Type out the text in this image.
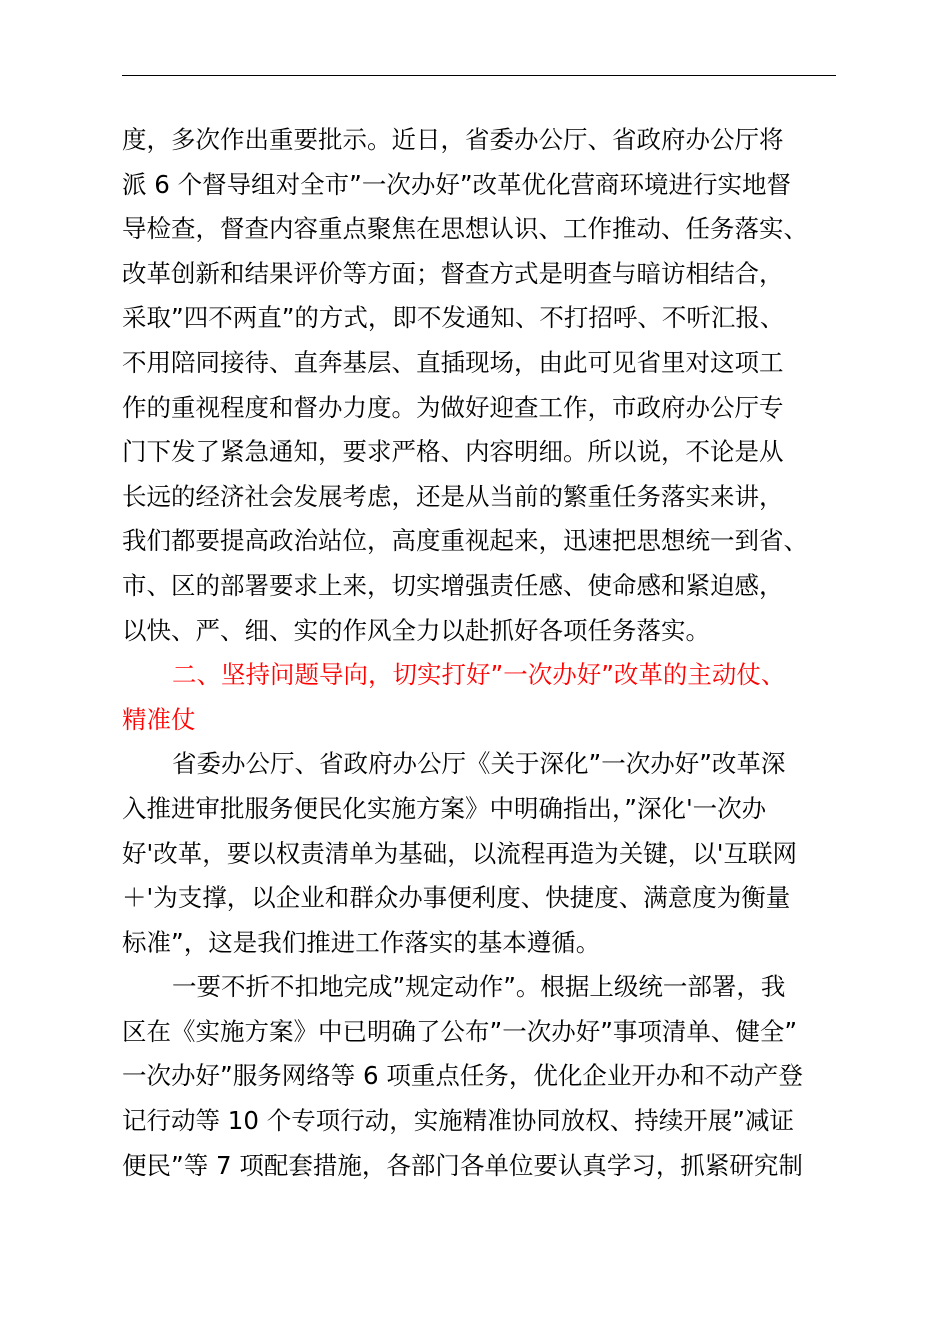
度，多次作出重要批示。近日，省委办公厅、省政府办公厅将
派 6 个督导组对全市”一次办好”改革优化营商环境进行实地督
导检查，督查内容重点聚焦在思想认识、工作推动、任务落实、
改革创新和结果评价等方面；督查方式是明查与暗访相结合，
采取”四不两直”的方式，即不发通知、不打招呼、不听汇报、
不用陪同接待、直奔基层、直插现场，由此可见省里对这项工
作的重视程度和督办力度。为做好迎查工作，市政府办公厅专
门下发了紧急通知，要求严格、内容明细。所以说，不论是从
长远的经济社会发展考虑，还是从当前的繁重任务落实来讲，
我们都要提高政治站位，高度重视起来，迅速把思想统一到省、
市、区的部署要求上来，切实增强责任感、使命感和紧迫感，
以快、严、细、实的作风全力以赴抓好各项任务落实。
二、坚持问题导向，切实打好”一次办好”改革的主动仗、
精准仗
省委办公厅、省政府办公厅《关于深化”一次办好”改革深
入推进审批服务便民化实施方案》中明确指出，”深化'一次办
好'改革，要以权责清单为基础，以流程再造为关键，以'互联网
＋'为支撑，以企业和群众办事便利度、快捷度、满意度为衡量
标准”，这是我们推进工作落实的基本遵循。
一要不折不扣地完成”规定动作”。根据上级统一部署，我
区在《实施方案》中已明确了公布”一次办好”事项清单、健全”
一次办好”服务网络等 6 项重点任务，优化企业开办和不动产登
记行动等 10 个专项行动，实施精准协同放权、持续开展”减证
便民”等 7 项配套措施，各部门各单位要认真学习，抓紧研究制
